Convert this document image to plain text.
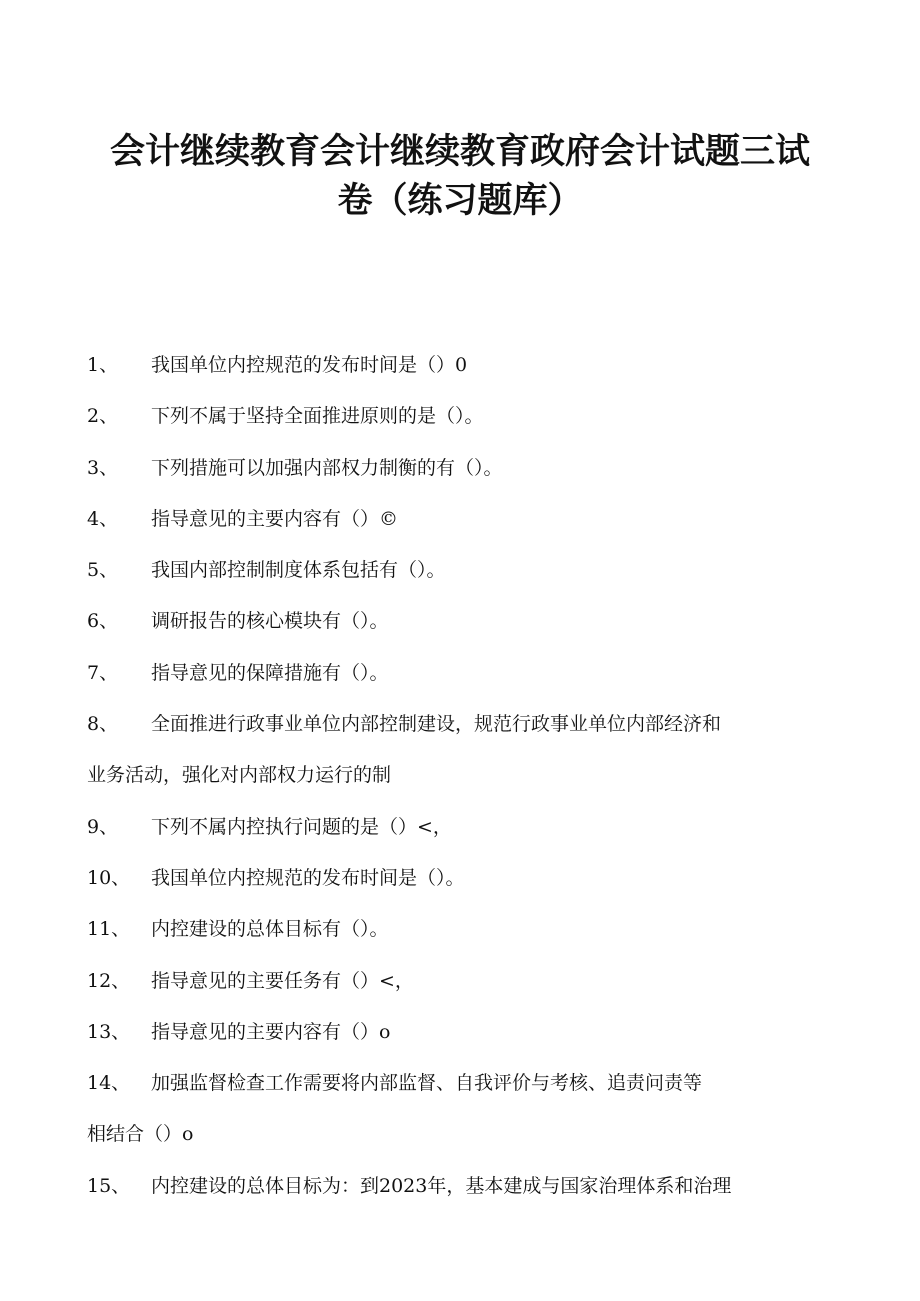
会计继续教育会计继续教育政府会计试题三试
卷（练习题库）
1、 我国单位内控规范的发布时间是（）0
2、 下列不属于坚持全面推进原则的是（）。
3、 下列措施可以加强内部权力制衡的有（）。
4、 指导意见的主要内容有（）©
5、 我国内部控制制度体系包括有（）。
6、 调研报告的核心模块有（）。
7、 指导意见的保障措施有（）。
8、 全面推进行政事业单位内部控制建设，规范行政事业单位内部经济和
业务活动，强化对内部权力运行的制
9、 下列不属内控执行问题的是（）<，
10、 我国单位内控规范的发布时间是（）。
11、 内控建设的总体目标有（）。
12、 指导意见的主要任务有（）<，
13、 指导意见的主要内容有（）o
14、 加强监督检查工作需要将内部监督、自我评价与考核、追责问责等
相结合（）o
15、 内控建设的总体目标为：到2023年，基本建成与国家治理体系和治理
